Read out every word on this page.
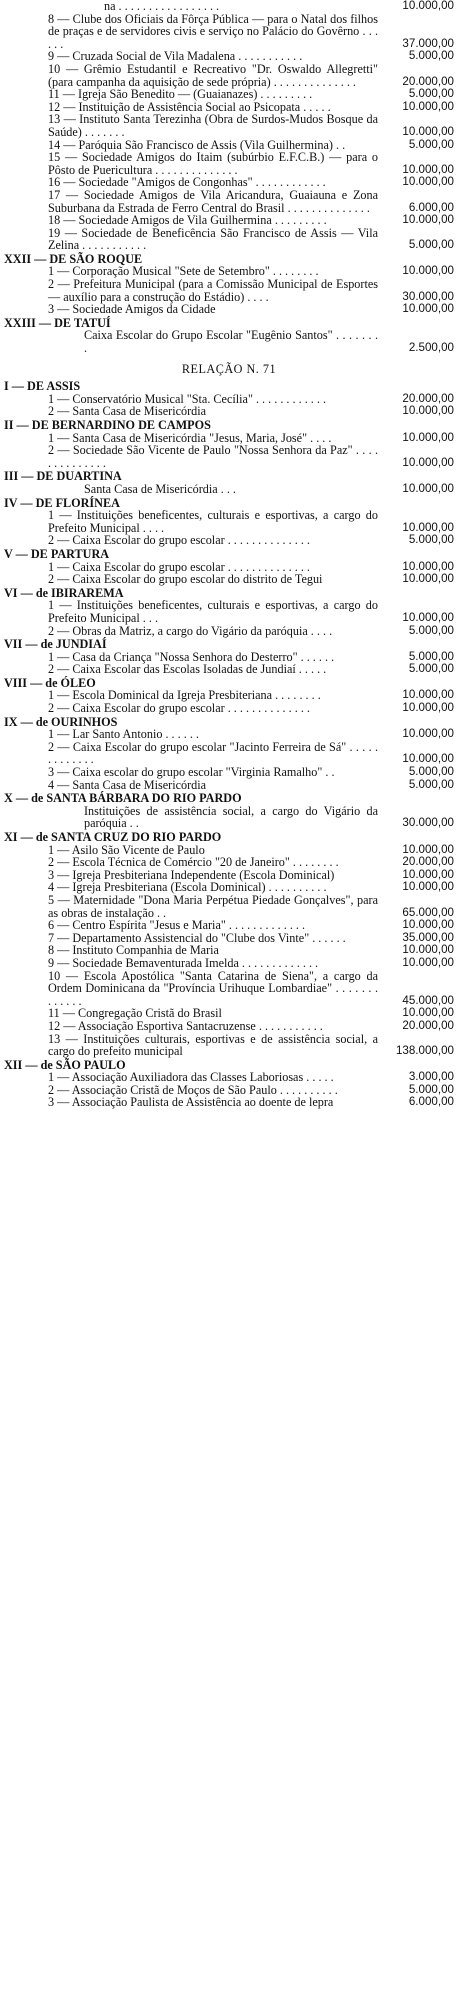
na . . . . . . . . . . . . . . . . .	10.000,00
8 — Clube dos Oficiais da Fôrça Pública — para o Natal dos filhos de praças e de servidores civis e serviço no Palácio do Govêrno . . . . . .	37.000,00
9 — Cruzada Social de Vila Madalena . . . . . . . . . . .	5.000,00
10 — Grêmio Estudantil e Recreativo "Dr. Oswaldo Allegretti" (para campanha da aquisição de sede própria) . . . . . . . . . . . . . .	20.000,00
11 — Igreja São Benedito — (Guaianazes) . . . . . . . . .	5.000,00
12 — Instituição de Assistência Social ao Psicopata . . . . .	10.000,00
13 — Instituto Santa Terezinha (Obra de Surdos-Mudos Bosque da Saúde) . . . . . . .	10.000,00
14 — Paróquia São Francisco de Assis (Vila Guilhermina) . .	5.000,00
15 — Sociedade Amigos do Itaim (subúrbio E.F.C.B.) — para o Pôsto de Puericultura . . . . . . . . . . . . . .	10.000,00
16 — Sociedade "Amigos de Congonhas" . . . . . . . . . . . .	10.000,00
17 — Sociedade Amigos de Vila Aricandura, Guaiauna e Zona Suburbana da Estrada de Ferro Central do Brasil . . . . . . . . . . . . . .	6.000,00
18 — Sociedade Amigos de Vila Guilhermina . . . . . . . . .	10.000,00
19 — Sociedade de Beneficência São Francisco de Assis — Vila Zelina . . . . . . . . . . .	5.000,00
XXII — DE SÃO ROQUE
1 — Corporação Musical "Sete de Setembro" . . . . . . . .	10.000,00
2 — Prefeitura Municipal (para a Comissão Municipal de Esportes — auxílio para a construção do Estádio) . . . .	30.000,00
3 — Sociedade Amigos da Cidade	10.000,00
XXIII — DE TATUÍ
Caixa Escolar do Grupo Escolar "Eugênio Santos" . . . . . . . .	2.500,00
RELAÇÃO N. 71
I — DE ASSIS
1 — Conservatório Musical "Sta. Cecília" . . . . . . . . . . . .	20.000,00
2 — Santa Casa de Misericórdia	10.000,00
II — DE BERNARDINO DE CAMPOS
1 — Santa Casa de Misericórdia "Jesus, Maria, José" . . . .	10.000,00
2 — Sociedade São Vicente de Paulo "Nossa Senhora da Paz" . . . . . . . . . . . . . .	10.000,00
III — DE DUARTINA
Santa Casa de Misericórdia . . .	10.000,00
IV — DE FLORÍNEA
1 — Instituições beneficentes, culturais e esportivas, a cargo do Prefeito Municipal . . . .	10.000,00
2 — Caixa Escolar do grupo escolar . . . . . . . . . . . . . .	5.000,00
V — DE PARTURA
1 — Caixa Escolar do grupo escolar . . . . . . . . . . . . . .	10.000,00
2 — Caixa Escolar do grupo escolar do distrito de Tegui	10.000,00
VI — de IBIRAREMA
1 — Instituições beneficentes, culturais e esportivas, a cargo do Prefeito Municipal . . .	10.000,00
2 — Obras da Matriz, a cargo do Vigário da paróquia . . . .	5.000,00
VII — de JUNDIAÍ
1 — Casa da Criança "Nossa Senhora do Desterro" . . . . . .	5.000,00
2 — Caixa Escolar das Escolas Isoladas de Jundiaí . . . . .	5.000,00
VIII — de ÓLEO
1 — Escola Dominical da Igreja Presbiteriana . . . . . . . .	10.000,00
2 — Caixa Escolar do grupo escolar . . . . . . . . . . . . . .	10.000,00
IX — de OURINHOS
1 — Lar Santo Antonio . . . . . .	10.000,00
2 — Caixa Escolar do grupo escolar "Jacinto Ferreira de Sá" . . . . . . . . . . . . .	10.000,00
3 — Caixa escolar do grupo escolar "Virginia Ramalho" . .	5.000,00
4 — Santa Casa de Misericórdia	5.000,00
X — de SANTA BÁRBARA DO RIO PARDO
Instituições de assistência social, a cargo do Vigário da paróquia . .	30.000,00
XI — de SANTA CRUZ DO RIO PARDO
1 — Asilo São Vicente de Paulo	10.000,00
2 — Escola Técnica de Comércio "20 de Janeiro" . . . . . . . .	20.000,00
3 — Igreja Presbiteriana Independente (Escola Dominical)	10.000,00
4 — Igreja Presbiteriana (Escola Dominical) . . . . . . . . . .	10.000,00
5 — Maternidade "Dona Maria Perpétua Piedade Gonçalves", para as obras de instalação . .	65.000,00
6 — Centro Espírita "Jesus e Maria" . . . . . . . . . . . . .	10.000,00
7 — Departamento Assistencial do "Clube dos Vinte" . . . . . .	35.000,00
8 — Instituto Companhia de Maria	10.000,00
9 — Sociedade Bemaventurada Imelda . . . . . . . . . . . . .	10.000,00
10 — Escola Apostólica "Santa Catarina de Siena", a cargo da Ordem Dominicana da "Província Urihuque Lombardiae" . . . . . . . . . . . . .	45.000,00
11 — Congregação Cristã do Brasil	10.000,00
12 — Associação Esportiva Santacruzense . . . . . . . . . . .	20.000,00
13 — Instituições culturais, esportivas e de assistência social, a cargo do prefeito municipal	138.000,00
XII — de SÃO PAULO
1 — Associação Auxiliadora das Classes Laboriosas . . . . .	3.000,00
2 — Associação Cristã de Moços de São Paulo . . . . . . . . . .	5.000,00
3 — Associação Paulista de Assistência ao doente de lepra	6.000,00
